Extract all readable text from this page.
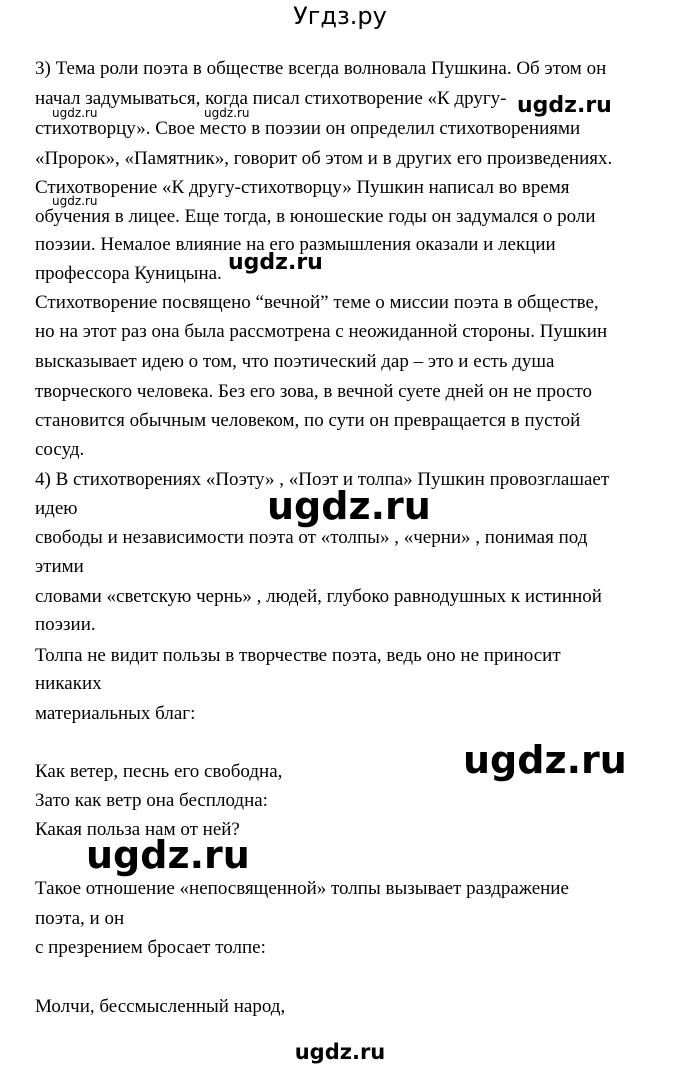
Угдз.ру
3) Тема роли поэта в обществе всегда волновала Пушкина. Об этом он
начал задумываться, когда писал стихотворение «К другу-
стихотворцу». Свое место в поэзии он определил стихотворениями
«Пророк», «Памятник», говорит об этом и в других его произведениях.
Стихотворение «К другу-стихотворцу» Пушкин написал во время
обучения в лицее. Еще тогда, в юношеские годы он задумался о роли
поэзии. Немалое влияние на его размышления оказали и лекции
профессора Куницына.
Стихотворение посвящено “вечной” теме о миссии поэта в обществе,
но на этот раз она была рассмотрена с неожиданной стороны. Пушкин
высказывает идею о том, что поэтический дар – это и есть душа
творческого человека. Без его зова, в вечной суете дней он не просто
становится обычным человеком, по сути он превращается в пустой
сосуд.
4) В стихотворениях «Поэту» , «Поэт и толпа» Пушкин провозглашает
идею
свободы и независимости поэта от «толпы» , «черни» , понимая под
этими
словами «светскую чернь» , людей, глубоко равнодушных к истинной
поэзии.
Толпа не видит пользы в творчестве поэта, ведь оно не приносит
никаких
материальных благ:
Как ветер, песнь его свободна,
Зато как ветр она бесплодна:
Какая польза нам от ней?
Такое отношение «непосвященной» толпы вызывает раздражение
поэта, и он
с презрением бросает толпе:
Молчи, бессмысленный народ,
ugdz.ru	ugdz.ru
ugdz.ru
ugdz.ru
ugdz.ru
ugdz.ru
ugdz.ru
ugdz.ru
ugdz.ru
